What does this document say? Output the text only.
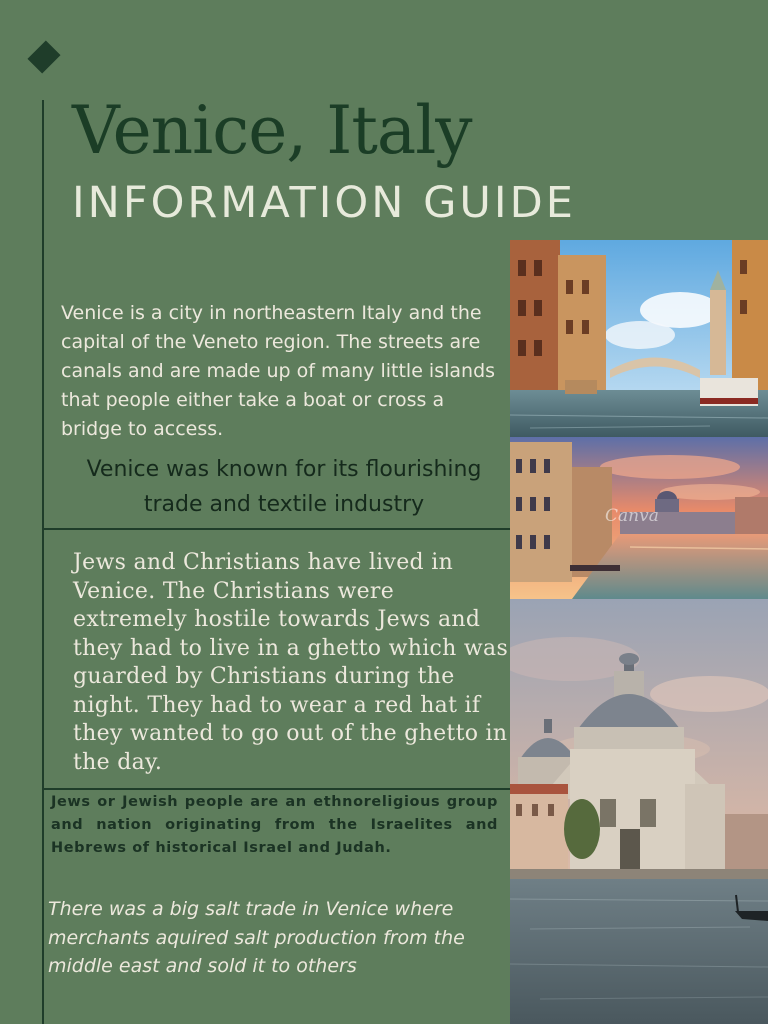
Venice, Italy
INFORMATION GUIDE

Venice is a city in northeastern Italy and the capital of the Veneto region. The streets are canals and are made up of many little islands that people either take a boat or cross a bridge to access.

Venice was known for its flourishing trade and textile industry

Jews and Christians have lived in Venice. The Christians were extremely hostile towards Jews and they had to live in a ghetto which was guarded by Christians during the night. They had to wear a red hat if they wanted to go out of the ghetto in the day.

Jews or Jewish people are an ethnoreligious group and nation originating from the Israelites and Hebrews of historical Israel and Judah.

There was a big salt trade in Venice where merchants aquired salt production from the middle east and sold it to others

Canva
